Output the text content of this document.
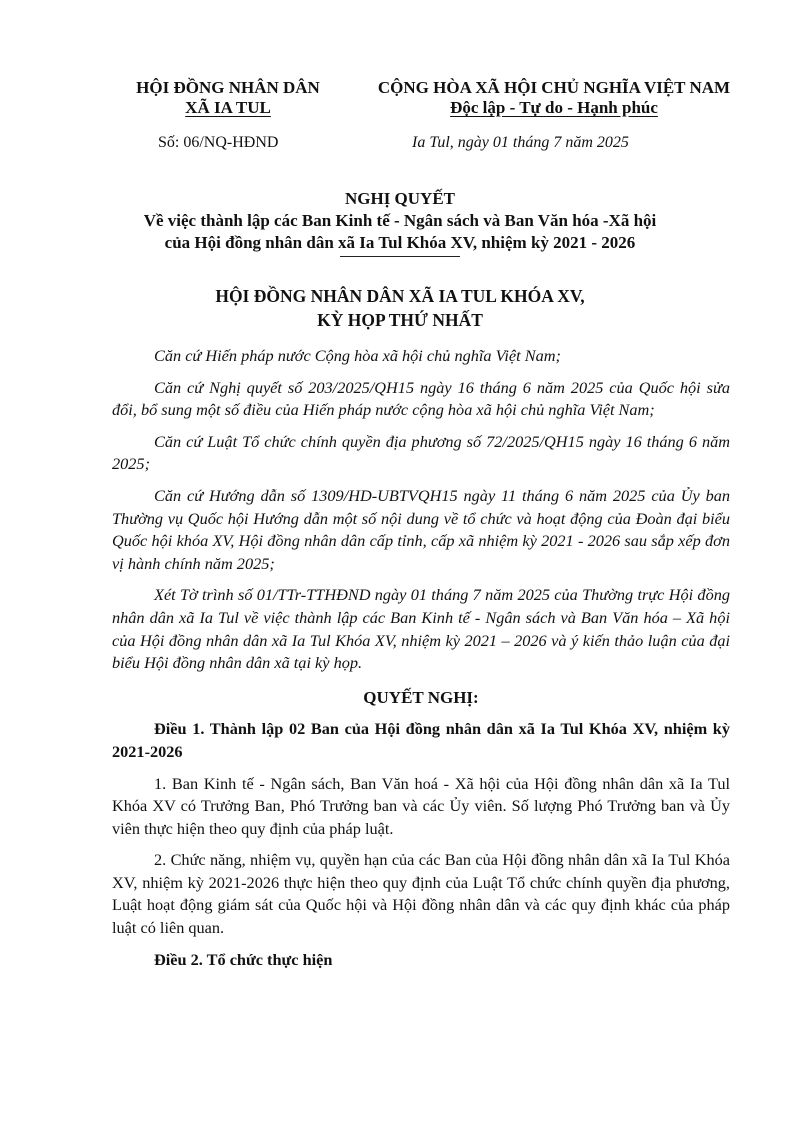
HỘI ĐỒNG NHÂN DÂN

XÃ IA TUL

CỘNG HÒA XÃ HỘI CHỦ NGHĨA VIỆT NAM

Độc lập - Tự do - Hạnh phúc

Số: 06/NQ-HĐND	Ia Tul, ngày 01 tháng 7 năm 2025

NGHỊ QUYẾT

Về việc thành lập các Ban Kinh tế - Ngân sách và Ban Văn hóa -Xã hội

của Hội đồng nhân dân xã Ia Tul Khóa XV, nhiệm kỳ 2021 - 2026

HỘI ĐỒNG NHÂN DÂN XÃ IA TUL KHÓA XV,

KỲ HỌP THỨ NHẤT

Căn cứ Hiến pháp nước Cộng hòa xã hội chủ nghĩa Việt Nam;

Căn cứ Nghị quyết số 203/2025/QH15 ngày 16 tháng 6 năm 2025 của Quốc hội sửa đổi, bổ sung một số điều của Hiến pháp nước cộng hòa xã hội chủ nghĩa Việt Nam;

Căn cứ Luật Tổ chức chính quyền địa phương số 72/2025/QH15 ngày 16 tháng 6 năm 2025;

Căn cứ Hướng dẫn số 1309/HD-UBTVQH15 ngày 11 tháng 6 năm 2025 của Ủy ban Thường vụ Quốc hội Hướng dẫn một số nội dung về tổ chức và hoạt động của Đoàn đại biểu Quốc hội khóa XV, Hội đồng nhân dân cấp tỉnh, cấp xã nhiệm kỳ 2021 - 2026 sau sắp xếp đơn vị hành chính năm 2025;

Xét Tờ trình số 01/TTr-TTHĐND ngày 01 tháng 7 năm 2025 của Thường trực Hội đồng nhân dân xã Ia Tul về việc thành lập các Ban Kinh tế - Ngân sách và Ban Văn hóa – Xã hội của Hội đồng nhân dân xã Ia Tul Khóa XV, nhiệm kỳ 2021 – 2026 và ý kiến thảo luận của đại biểu Hội đồng nhân dân xã tại kỳ họp.

QUYẾT NGHỊ:

Điều 1. Thành lập 02 Ban của Hội đồng nhân dân xã Ia Tul Khóa XV, nhiệm kỳ 2021-2026

1. Ban Kinh tế - Ngân sách, Ban Văn hoá - Xã hội của Hội đồng nhân dân xã Ia Tul Khóa XV có Trưởng Ban, Phó Trưởng ban và các Ủy viên. Số lượng Phó Trưởng ban và Ủy viên thực hiện theo quy định của pháp luật.

2. Chức năng, nhiệm vụ, quyền hạn của các Ban của Hội đồng nhân dân xã Ia Tul Khóa XV, nhiệm kỳ 2021-2026 thực hiện theo quy định của Luật Tổ chức chính quyền địa phương, Luật hoạt động giám sát của Quốc hội và Hội đồng nhân dân và các quy định khác của pháp luật có liên quan.

Điều 2. Tổ chức thực hiện
